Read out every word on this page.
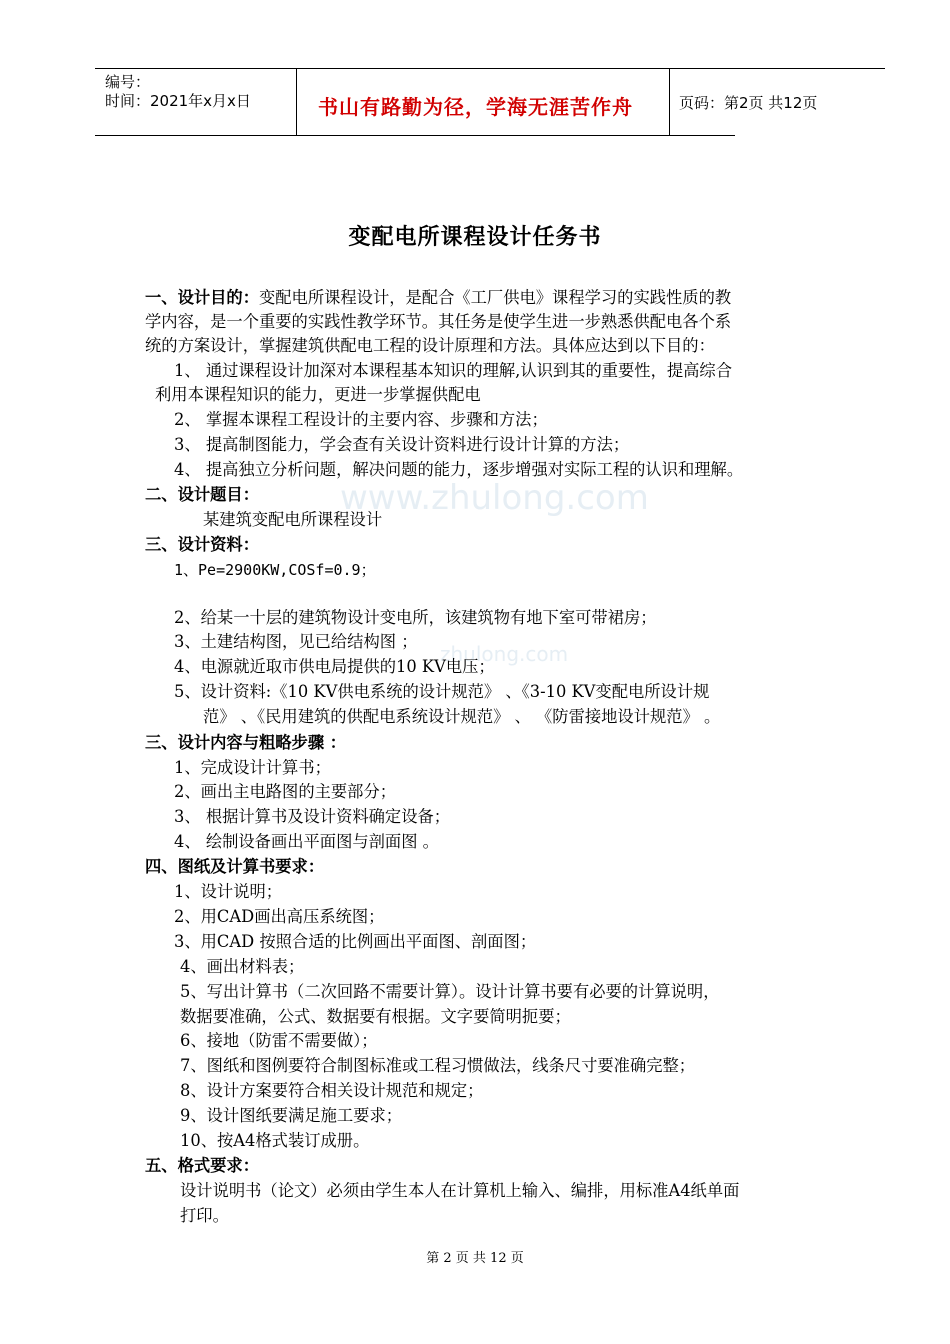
编号：
时间：2021年x月x日	书山有路勤为径，学海无涯苦作舟	页码：第2页 共12页
www.zhulong.com
zhulong.com
变配电所课程设计任务书
一、设计目的：变配电所课程设计，是配合《工厂供电》课程学习的实践性质的教
学内容，是一个重要的实践性教学环节。其任务是使学生进一步熟悉供配电各个系
统的方案设计，掌握建筑供配电工程的设计原理和方法。具体应达到以下目的：
1、 通过课程设计加深对本课程基本知识的理解,认识到其的重要性，提高综合
利用本课程知识的能力，更进一步掌握供配电
2、 掌握本课程工程设计的主要内容、步骤和方法；
3、 提高制图能力，学会查有关设计资料进行设计计算的方法；
4、 提高独立分析问题，解决问题的能力，逐步增强对实际工程的认识和理解。
二、设计题目：
某建筑变配电所课程设计
三、设计资料：
1、Pe=2900KW,COSf=0.9；
2、给某一十层的建筑物设计变电所，该建筑物有地下室可带裙房；
3、土建结构图，见已给结构图 ；
4、电源就近取市供电局提供的10 KV电压；
5、设计资料:《10 KV供电系统的设计规范》 、《3-10 KV变配电所设计规
范》 、《民用建筑的供配电系统设计规范》 、 《防雷接地设计规范》 。
三、设计内容与粗略步骤 ：
1、完成设计计算书；
2、画出主电路图的主要部分；
3、 根据计算书及设计资料确定设备；
4、 绘制设备画出平面图与剖面图 。
四、图纸及计算书要求：
1、设计说明；
2、用CAD画出高压系统图；
3、用CAD 按照合适的比例画出平面图、剖面图；
4、画出材料表；
5、写出计算书（二次回路不需要计算）。设计计算书要有必要的计算说明，
数据要准确，公式、数据要有根据。文字要简明扼要；
6、接地（防雷不需要做）；
7、图纸和图例要符合制图标准或工程习惯做法，线条尺寸要准确完整；
8、设计方案要符合相关设计规范和规定；
9、设计图纸要满足施工要求；
10、按A4格式装订成册。
五、格式要求：
设计说明书（论文）必须由学生本人在计算机上输入、编排，用标准A4纸单面
打印。
第 2 页 共 12 页
